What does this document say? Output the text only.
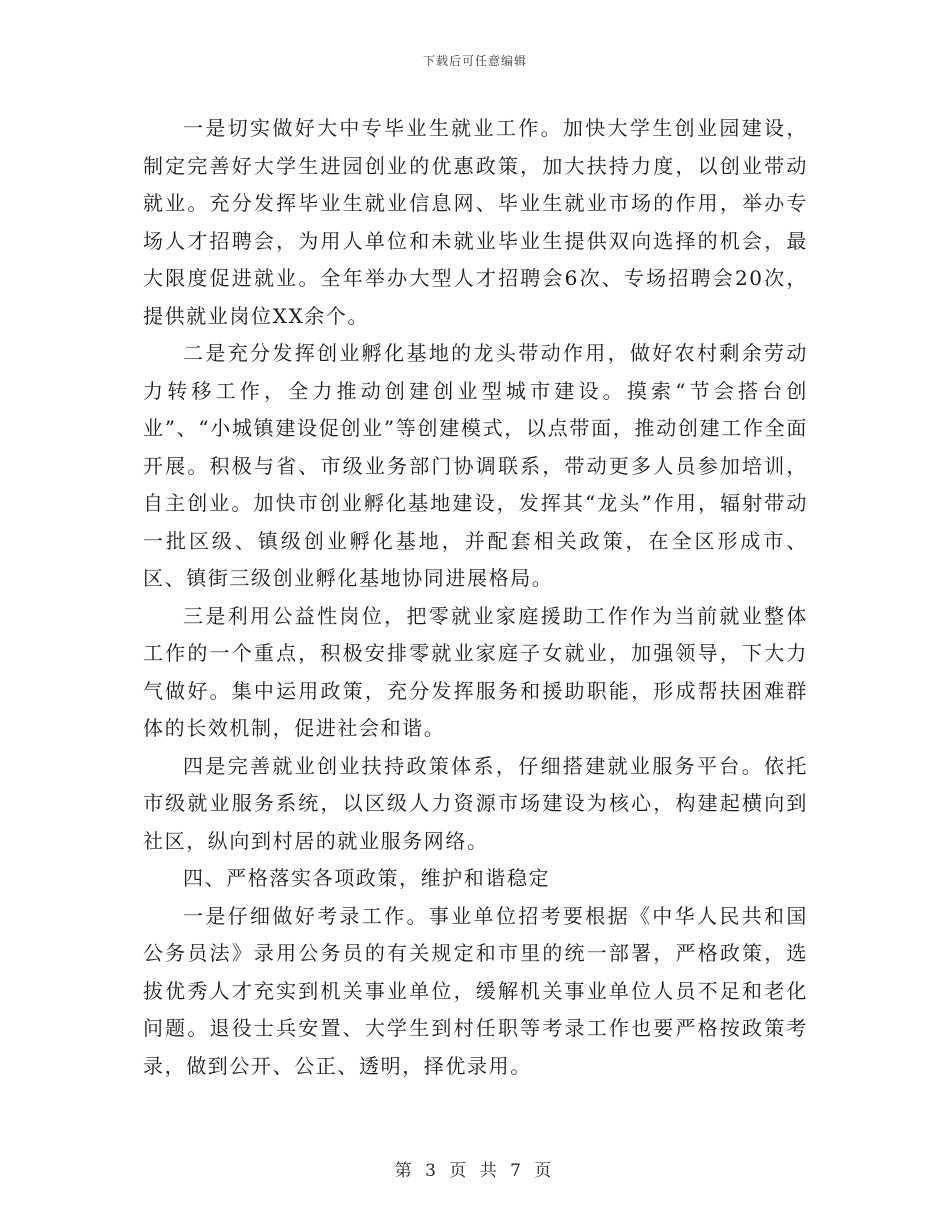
下载后可任意编辑

一是切实做好大中专毕业生就业工作。加快大学生创业园建设，制定完善好大学生进园创业的优惠政策，加大扶持力度，以创业带动就业。充分发挥毕业生就业信息网、毕业生就业市场的作用，举办专场人才招聘会，为用人单位和未就业毕业生提供双向选择的机会，最大限度促进就业。全年举办大型人才招聘会6次、专场招聘会20次，提供就业岗位XX余个。

二是充分发挥创业孵化基地的龙头带动作用，做好农村剩余劳动力转移工作，全力推动创建创业型城市建设。摸索“节会搭台创业”、“小城镇建设促创业”等创建模式，以点带面，推动创建工作全面开展。积极与省、市级业务部门协调联系，带动更多人员参加培训，自主创业。加快市创业孵化基地建设，发挥其“龙头”作用，辐射带动一批区级、镇级创业孵化基地，并配套相关政策，在全区形成市、区、镇街三级创业孵化基地协同进展格局。

三是利用公益性岗位，把零就业家庭援助工作作为当前就业整体工作的一个重点，积极安排零就业家庭子女就业，加强领导，下大力气做好。集中运用政策，充分发挥服务和援助职能，形成帮扶困难群体的长效机制，促进社会和谐。

四是完善就业创业扶持政策体系，仔细搭建就业服务平台。依托市级就业服务系统，以区级人力资源市场建设为核心，构建起横向到社区，纵向到村居的就业服务网络。

四、严格落实各项政策，维护和谐稳定

一是仔细做好考录工作。事业单位招考要根据《中华人民共和国公务员法》录用公务员的有关规定和市里的统一部署，严格政策，选拔优秀人才充实到机关事业单位，缓解机关事业单位人员不足和老化问题。退役士兵安置、大学生到村任职等考录工作也要严格按政策考录，做到公开、公正、透明，择优录用。

第 3 页 共 7 页
